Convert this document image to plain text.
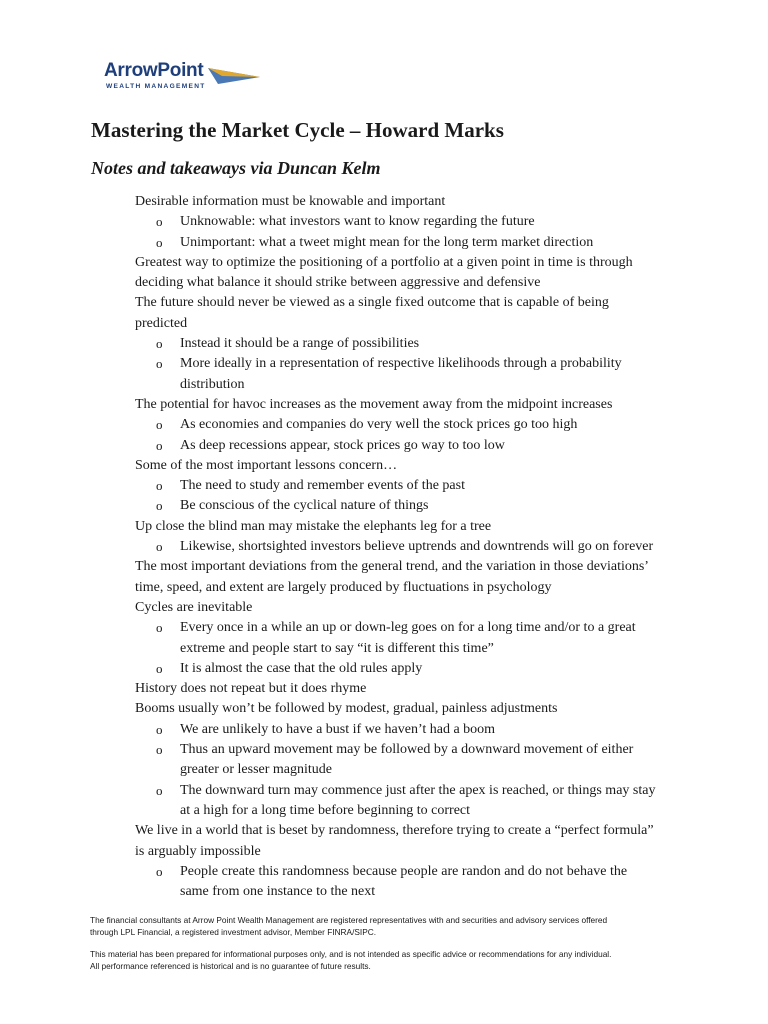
ArrowPoint
WEALTH MANAGEMENT
Mastering the Market Cycle – Howard Marks
Notes and takeaways via Duncan Kelm
Desirable information must be knowable and important
o Unknowable: what investors want to know regarding the future
o Unimportant: what a tweet might mean for the long term market direction
Greatest way to optimize the positioning of a portfolio at a given point in time is through
deciding what balance it should strike between aggressive and defensive
The future should never be viewed as a single fixed outcome that is capable of being
predicted
o Instead it should be a range of possibilities
o More ideally in a representation of respective likelihoods through a probability
distribution
The potential for havoc increases as the movement away from the midpoint increases
o As economies and companies do very well the stock prices go too high
o As deep recessions appear, stock prices go way to too low
Some of the most important lessons concern…
o The need to study and remember events of the past
o Be conscious of the cyclical nature of things
Up close the blind man may mistake the elephants leg for a tree
o Likewise, shortsighted investors believe uptrends and downtrends will go on forever
The most important deviations from the general trend, and the variation in those deviations’
time, speed, and extent are largely produced by fluctuations in psychology
Cycles are inevitable
o Every once in a while an up or down-leg goes on for a long time and/or to a great
extreme and people start to say “it is different this time”
o It is almost the case that the old rules apply
History does not repeat but it does rhyme
Booms usually won’t be followed by modest, gradual, painless adjustments
o We are unlikely to have a bust if we haven’t had a boom
o Thus an upward movement may be followed by a downward movement of either
greater or lesser magnitude
o The downward turn may commence just after the apex is reached, or things may stay
at a high for a long time before beginning to correct
We live in a world that is beset by randomness, therefore trying to create a “perfect formula”
is arguably impossible
o People create this randomness because people are randon and do not behave the
same from one instance to the next

The financial consultants at Arrow Point Wealth Management are registered representatives with and securities and advisory services offered
through LPL Financial, a registered investment advisor, Member FINRA/SIPC.

This material has been prepared for informational purposes only, and is not intended as specific advice or recommendations for any individual.
All performance referenced is historical and is no guarantee of future results.
